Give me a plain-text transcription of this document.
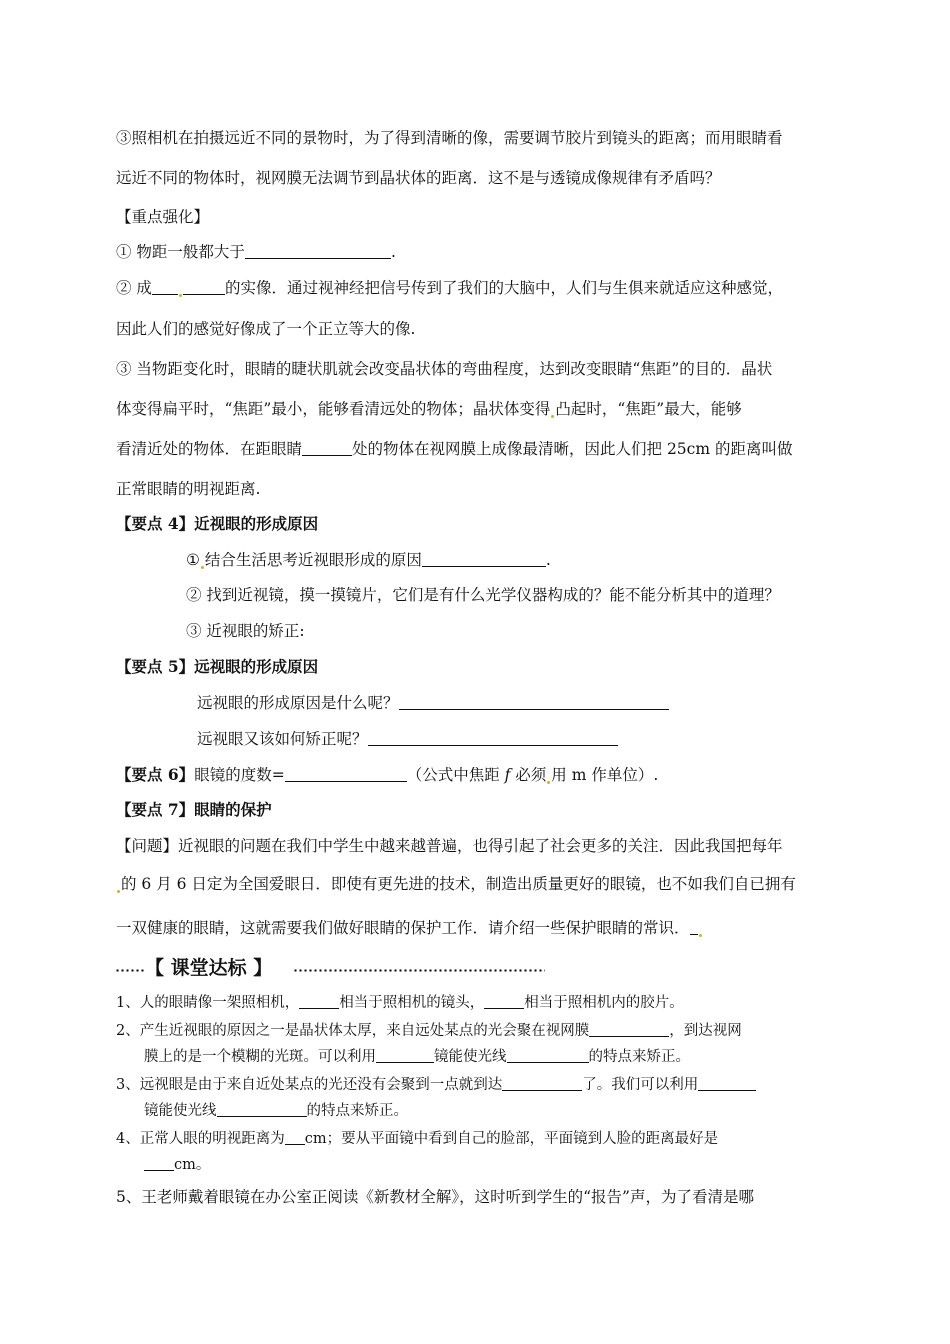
③照相机在拍摄远近不同的景物时，为了得到清晰的像，需要调节胶片到镜头的距离；而用眼睛看
远近不同的物体时，视网膜无法调节到晶状体的距离．这不是与透镜成像规律有矛盾吗？
【重点强化】
① 物距一般都大于	.
② 成	的实像．通过视神经把信号传到了我们的大脑中，人们与生俱来就适应这种感觉，
因此人们的感觉好像成了一个正立等大的像.
③ 当物距变化时，眼睛的睫状肌就会改变晶状体的弯曲程度，达到改变眼睛“焦距”的目的．晶状
体变得扁平时，“焦距”最小，能够看清远处的物体；晶状体变得 凸起时，“焦距”最大，能够
看清近处的物体．在距眼睛	处的物体在视网膜上成像最清晰，因此人们把 25cm 的距离叫做
正常眼睛的明视距离.
【要点 4】近视眼的形成原因
① 结合生活思考近视眼形成的原因	.
② 找到近视镜，摸一摸镜片，它们是有什么光学仪器构成的？能不能分析其中的道理？
③ 近视眼的矫正:
【要点 5】远视眼的形成原因
远视眼的形成原因是什么呢？
远视眼又该如何矫正呢？
【要点 6】眼镜的度数=	（公式中焦距 𝑓 必须 用 m 作单位）.
【要点 7】眼睛的保护
【问题】近视眼的问题在我们中学生中越来越普遍，也得引起了社会更多的关注．因此我国把每年
的 6 月 6 日定为全国爱眼日．即使有更先进的技术，制造出质量更好的眼镜，也不如我们自已拥有
一双健康的眼睛，这就需要我们做好眼睛的保护工作．请介绍一些保护眼睛的常识．
【 课堂达标 】
1、人的眼睛像一架照相机，	相当于照相机的镜头，	相当于照相机内的胶片。
2、产生近视眼的原因之一是晶状体太厚，来自远处某点的光会聚在视网膜	，到达视网
膜上的是一个模糊的光斑。可以利用	镜能使光线	的特点来矫正。
3、远视眼是由于来自近处某点的光还没有会聚到一点就到达	了。我们可以利用
镜能使光线	的特点来矫正。
4、正常人眼的明视距离为 cm；要从平面镜中看到自己的脸部，平面镜到人脸的距离最好是
cm。
5、王老师戴着眼镜在办公室正阅读《新教材全解》，这时听到学生的“报告”声，为了看清是哪
